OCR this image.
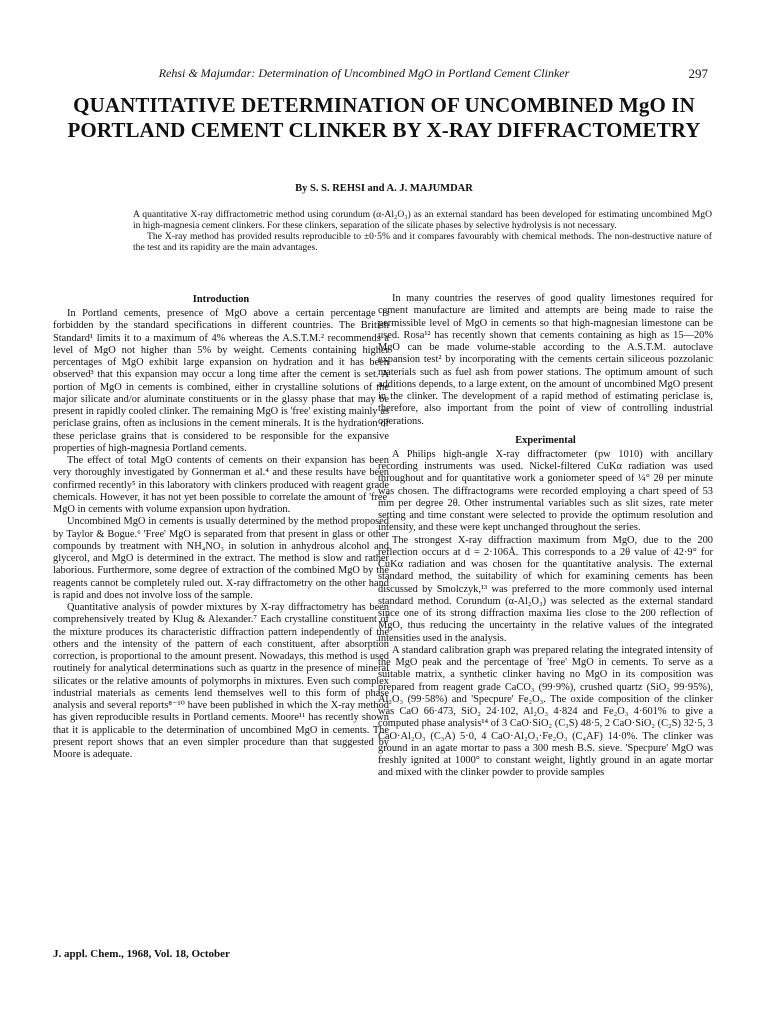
Rehsi & Majumdar: Determination of Uncombined MgO in Portland Cement Clinker	297
QUANTITATIVE DETERMINATION OF UNCOMBINED MgO IN PORTLAND CEMENT CLINKER BY X-RAY DIFFRACTOMETRY
By S. S. REHSI and A. J. MAJUMDAR

A quantitative X-ray diffractometric method using corundum (α-Al₂O₃) as an external standard has been developed for estimating uncombined MgO in high-magnesia cement clinkers. For these clinkers, separation of the silicate phases by selective hydrolysis is not necessary.

The X-ray method has provided results reproducible to ±0·5% and it compares favourably with chemical methods. The non-destructive nature of the test and its rapidity are the main advantages.

Introduction

In Portland cements, presence of MgO above a certain percentage is forbidden by the standard specifications in different countries. The British Standard¹ limits it to a maximum of 4% whereas the A.S.T.M.² recommends a level of MgO not higher than 5% by weight. Cements containing higher percentages of MgO exhibit large expansion on hydration and it has been observed³ that this expansion may occur a long time after the cement is set. A portion of MgO in cements is combined, either in crystalline solutions of the major silicate and/or aluminate constituents or in the glassy phase that may be present in rapidly cooled clinker. The remaining MgO is 'free' existing mainly as periclase grains, often as inclusions in the cement minerals. It is the hydration of these periclase grains that is considered to be responsible for the expansive properties of high-magnesia Portland cements.

The effect of total MgO contents of cements on their expansion has been very thoroughly investigated by Gonnerman et al.⁴ and these results have been confirmed recently⁵ in this laboratory with clinkers produced with reagent grade chemicals. However, it has not yet been possible to correlate the amount of 'free' MgO in cements with volume expansion upon hydration.

Uncombined MgO in cements is usually determined by the method proposed by Taylor & Bogue.⁶ 'Free' MgO is separated from that present in glass or other compounds by treatment with NH₄NO₃ in solution in anhydrous alcohol and glycerol, and MgO is determined in the extract. The method is slow and rather laborious. Furthermore, some degree of extraction of the combined MgO by the reagents cannot be completely ruled out. X-ray diffractometry on the other hand is rapid and does not involve loss of the sample.

Quantitative analysis of powder mixtures by X-ray diffractometry has been comprehensively treated by Klug & Alexander.⁷ Each crystalline constituent of the mixture produces its characteristic diffraction pattern independently of the others and the intensity of the pattern of each constituent, after absorption correction, is proportional to the amount present. Nowadays, this method is used routinely for analytical determinations such as quartz in the presence of mineral silicates or the relative amounts of polymorphs in mixtures. Even such complex industrial materials as cements lend themselves well to this form of phase analysis and several reports⁸⁻¹⁰ have been published in which the X-ray method has given reproducible results in Portland cements. Moore¹¹ has recently shown that it is applicable to the determination of uncombined MgO in cements. The present report shows that an even simpler procedure than that suggested by Moore is adequate.

In many countries the reserves of good quality limestones required for cement manufacture are limited and attempts are being made to raise the permissible level of MgO in cements so that high-magnesian limestone can be used. Rosa¹² has recently shown that cements containing as high as 15—20% MgO can be made volume-stable according to the A.S.T.M. autoclave expansion test² by incorporating with the cements certain siliceous pozzolanic materials such as fuel ash from power stations. The optimum amount of such additions depends, to a large extent, on the amount of uncombined MgO present in the clinker. The development of a rapid method of estimating periclase is, therefore, also important from the point of view of controlling industrial operations.

Experimental

A Philips high-angle X-ray diffractometer (pw 1010) with ancillary recording instruments was used. Nickel-filtered CuKα radiation was used throughout and for quantitative work a goniometer speed of ¼° 2θ per minute was chosen. The diffractograms were recorded employing a chart speed of 53 mm per degree 2θ. Other instrumental variables such as slit sizes, rate meter setting and time constant were selected to provide the optimum resolution and intensity, and these were kept unchanged throughout the series.

The strongest X-ray diffraction maximum from MgO, due to the 200 reflection occurs at d = 2·106Å. This corresponds to a 2θ value of 42·9° for CuKα radiation and was chosen for the quantitative analysis. The external standard method, the suitability of which for examining cements has been discussed by Smolczyk,¹³ was preferred to the more commonly used internal standard method. Corundum (α-Al₂O₃) was selected as the external standard since one of its strong diffraction maxima lies close to the 200 reflection of MgO, thus reducing the uncertainty in the relative values of the integrated intensities used in the analysis.

A standard calibration graph was prepared relating the integrated intensity of the MgO peak and the percentage of 'free' MgO in cements. To serve as a suitable matrix, a synthetic clinker having no MgO in its composition was prepared from reagent grade CaCO₃ (99·9%), crushed quartz (SiO₂ 99·95%), Al₂O₃ (99·58%) and 'Specpure' Fe₂O₃. The oxide composition of the clinker was CaO 66·473, SiO₂ 24·102, Al₂O₃ 4·824 and Fe₂O₃ 4·601% to give a computed phase analysis¹⁴ of 3 CaO·SiO₂ (C₃S) 48·5, 2 CaO·SiO₂ (C₂S) 32·5, 3 CaO·Al₂O₃ (C₃A) 5·0, 4 CaO·Al₂O₃·Fe₂O₃ (C₄AF) 14·0%. The clinker was ground in an agate mortar to pass a 300 mesh B.S. sieve. 'Specpure' MgO was freshly ignited at 1000° to constant weight, lightly ground in an agate mortar and mixed with the clinker powder to provide samples

J. appl. Chem., 1968, Vol. 18, October
